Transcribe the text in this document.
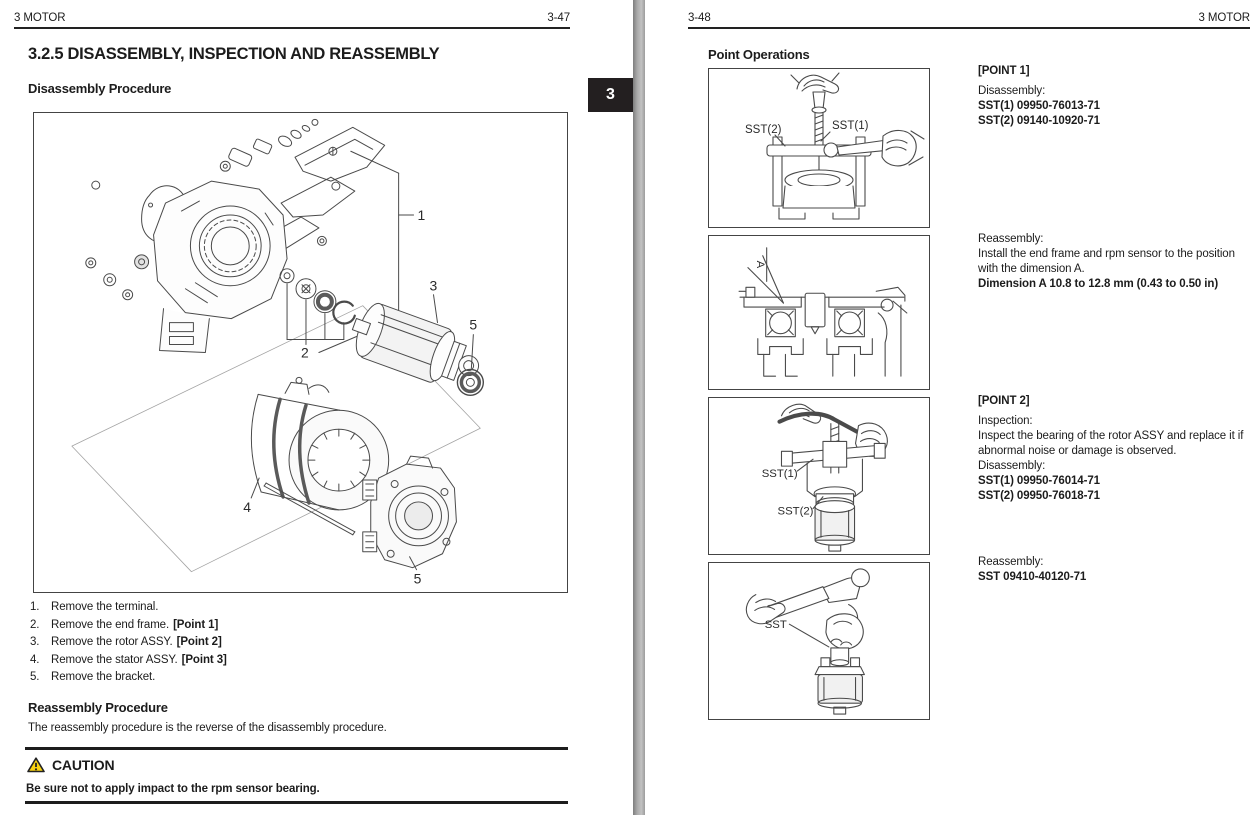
3 MOTOR	3-47
3.2.5 DISASSEMBLY, INSPECTION AND REASSEMBLY
Disassembly Procedure	3
1
2
3
4
5
5
1.	Remove the terminal.
2.	Remove the end frame. [Point 1]
3.	Remove the rotor ASSY. [Point 2]
4.	Remove the stator ASSY. [Point 3]
5.	Remove the bracket.
Reassembly Procedure
The reassembly procedure is the reverse of the disassembly procedure.
CAUTION
Be sure not to apply impact to the rpm sensor bearing.
3-48	3 MOTOR
Point Operations
SST(2)	SST(1)
A
SST(1)
SST(2)
SST
[POINT 1]
Disassembly:
SST(1) 09950-76013-71
SST(2) 09140-10920-71
Reassembly:
Install the end frame and rpm sensor to the position
with the dimension A.
Dimension A 10.8 to 12.8 mm (0.43 to 0.50 in)
[POINT 2]
Inspection:
Inspect the bearing of the rotor ASSY and replace it if
abnormal noise or damage is observed.
Disassembly:
SST(1) 09950-76014-71
SST(2) 09950-76018-71
Reassembly:
SST 09410-40120-71
